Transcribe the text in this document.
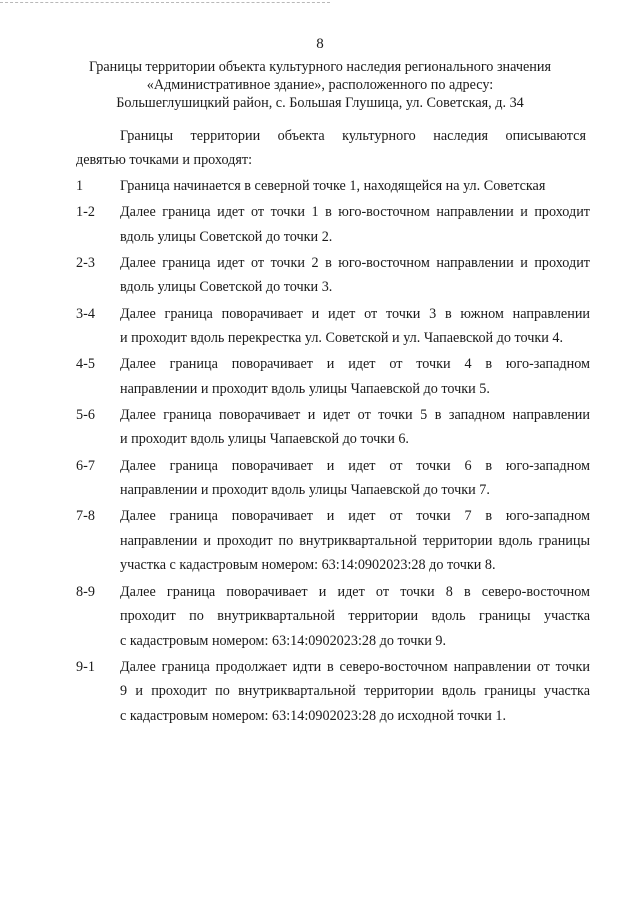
8
Границы территории объекта культурного наследия регионального значения
«Административное здание», расположенного по адресу:
Большеглушицкий район, с. Большая Глушица, ул. Советская, д. 34
Границы территории объекта культурного наследия описываются
девятью точками и проходят:
1	Граница начинается в северной точке 1, находящейся на ул. Советская
1-2	Далее граница идет от точки 1 в юго-восточном направлении и проходит
вдоль улицы Советской до точки 2.
2-3	Далее граница идет от точки 2 в юго-восточном направлении и проходит
вдоль улицы Советской до точки 3.
3-4	Далее граница поворачивает и идет от точки 3 в южном направлении
и проходит вдоль перекрестка ул. Советской и ул. Чапаевской до точки 4.
4-5	Далее граница поворачивает и идет от точки 4 в юго-западном
направлении и проходит вдоль улицы Чапаевской до точки 5.
5-6	Далее граница поворачивает и идет от точки 5 в западном направлении
и проходит вдоль улицы Чапаевской до точки 6.
6-7	Далее граница поворачивает и идет от точки 6 в юго-западном
направлении и проходит вдоль улицы Чапаевской до точки 7.
7-8	Далее граница поворачивает и идет от точки 7 в юго-западном
направлении и проходит по внутриквартальной территории вдоль границы
участка с кадастровым номером: 63:14:0902023:28 до точки 8.
8-9	Далее граница поворачивает и идет от точки 8 в северо-восточном
проходит по внутриквартальной территории вдоль границы участка
с кадастровым номером: 63:14:0902023:28 до точки 9.
9-1	Далее граница продолжает идти в северо-восточном направлении от точки
9 и проходит по внутриквартальной территории вдоль границы участка
с кадастровым номером: 63:14:0902023:28 до исходной точки 1.
